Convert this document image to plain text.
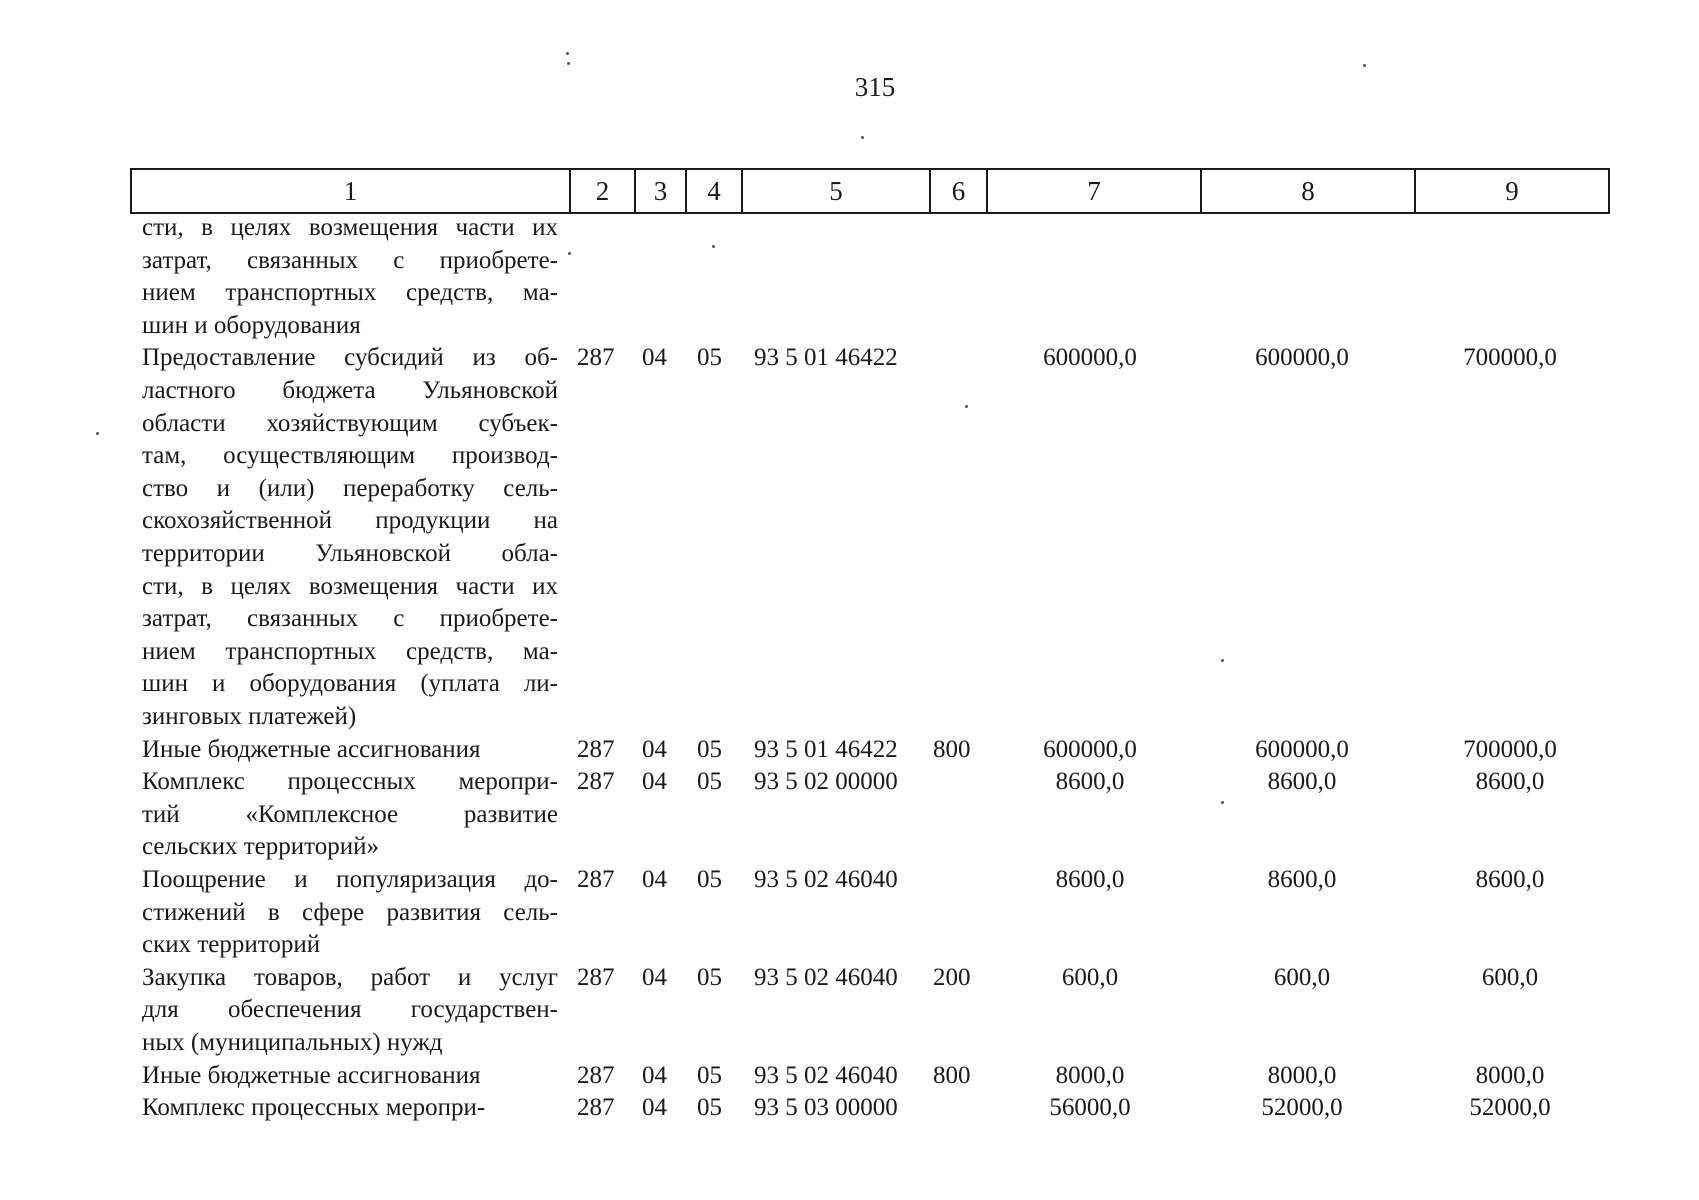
315
1	2	3	4	5	6	7	8	9
сти, в целях возмещения части их
затрат, связанных с приобрете-
нием транспортных средств, ма-
шин и оборудования
Предоставление субсидий из об-
ластного бюджета Ульяновской
области хозяйствующим субъек-
там, осуществляющим производ-
ство и (или) переработку сель-
скохозяйственной продукции на
территории Ульяновской обла-
сти, в целях возмещения части их
затрат, связанных с приобрете-
нием транспортных средств, ма-
шин и оборудования (уплата ли-
зинговых платежей)
287 04 05 93 5 01 46422	600000,0	600000,0	700000,0
Иные бюджетные ассигнования	287 04 05 93 5 01 46422 800	600000,0	600000,0	700000,0
Комплекс процессных меропри-
тий «Комплексное развитие
сельских территорий»
287 04 05 93 5 02 00000	8600,0	8600,0	8600,0
Поощрение и популяризация до-
стижений в сфере развития сель-
ских территорий
287 04 05 93 5 02 46040	8600,0	8600,0	8600,0
Закупка товаров, работ и услуг
для обеспечения государствен-
ных (муниципальных) нужд
287 04 05 93 5 02 46040 200	600,0	600,0	600,0
Иные бюджетные ассигнования	287 04 05 93 5 02 46040 800	8000,0	8000,0	8000,0
Комплекс процессных меропри-	287 04 05 93 5 03 00000	56000,0	52000,0	52000,0
